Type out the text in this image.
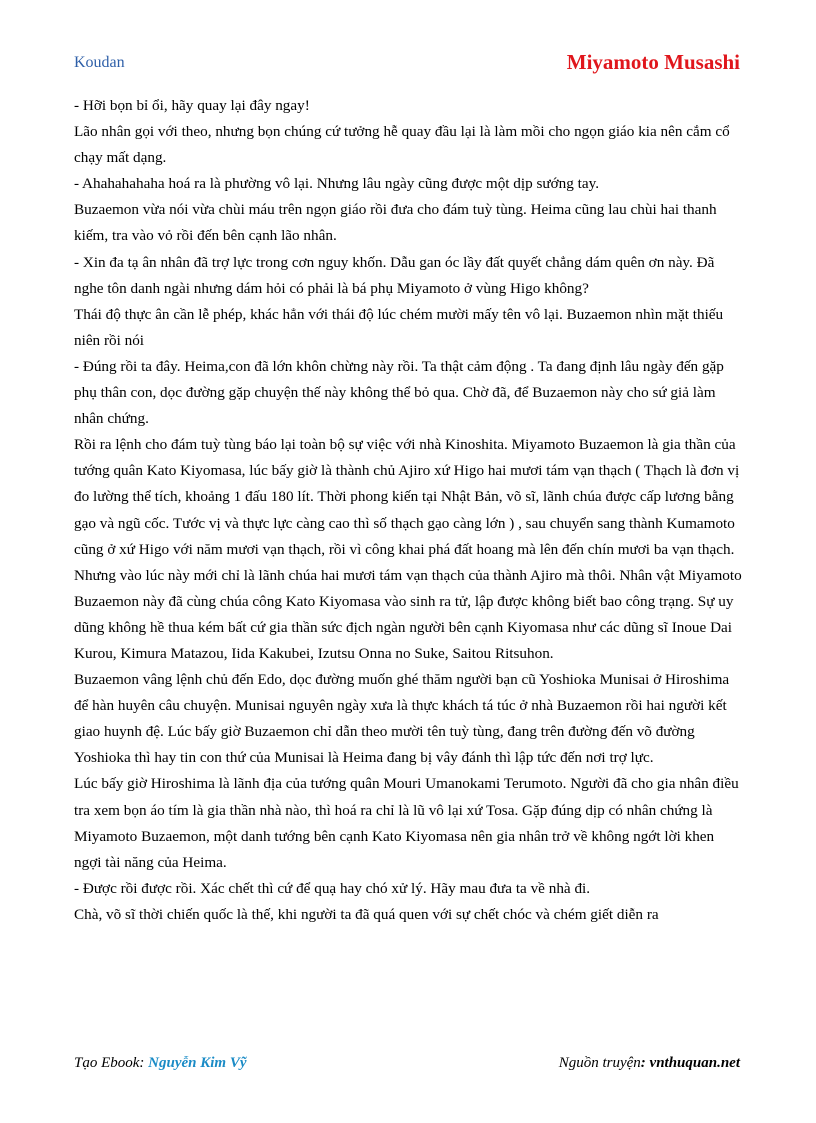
Koudan	Miyamoto Musashi

- Hỡi bọn bỉ ổi, hãy quay lại đây ngay!

Lão nhân gọi với theo, nhưng bọn chúng cứ tưởng hễ quay đầu lại là làm mồi cho ngọn giáo kia nên cắm cổ chạy mất dạng.

- Ahahahahaha hoá ra là phường vô lại. Nhưng lâu ngày cũng được một dịp sướng tay.

Buzaemon vừa nói vừa chùi máu trên ngọn giáo rồi đưa cho đám tuỳ tùng. Heima cũng lau chùi hai thanh kiếm, tra vào vỏ rồi đến bên cạnh lão nhân.

- Xin đa tạ ân nhân đã trợ lực trong cơn nguy khốn. Dẫu gan óc lầy đất quyết chẳng dám quên ơn này. Đã nghe tôn danh ngài nhưng dám hỏi có phải là bá phụ Miyamoto ở vùng Higo không?

Thái độ thực ân cần lễ phép, khác hẳn với thái độ lúc chém mười mấy tên vô lại. Buzaemon nhìn mặt thiếu niên rồi nói

- Đúng rồi ta đây. Heima,con đã lớn khôn chừng này rồi. Ta thật cảm động . Ta đang định lâu ngày đến gặp phụ thân con, dọc đường gặp chuyện thế này không thể bỏ qua. Chờ đã, để Buzaemon này cho sứ giả làm nhân chứng.

Rồi ra lệnh cho đám tuỳ tùng báo lại toàn bộ sự việc với nhà Kinoshita. Miyamoto Buzaemon là gia thần của tướng quân Kato Kiyomasa, lúc bấy giờ là thành chủ Ajiro xứ Higo hai mươi tám vạn thạch ( Thạch là đơn vị đo lường thể tích, khoảng 1 đấu 180 lít. Thời phong kiến tại Nhật Bản, võ sĩ, lãnh chúa được cấp lương bằng gạo và ngũ cốc. Tước vị và thực lực càng cao thì số thạch gạo càng lớn ) , sau chuyển sang thành Kumamoto cũng ở xứ Higo với năm mươi vạn thạch, rồi vì công khai phá đất hoang mà lên đến chín mươi ba vạn thạch. Nhưng vào lúc này mới chỉ là lãnh chúa hai mươi tám vạn thạch của thành Ajiro mà thôi. Nhân vật Miyamoto Buzaemon này đã cùng chúa công Kato Kiyomasa vào sinh ra tử, lập được không biết bao công trạng. Sự uy dũng không hề thua kém bất cứ gia thần sức địch ngàn người bên cạnh Kiyomasa như các dũng sĩ Inoue Dai Kurou, Kimura Matazou, Iida Kakubei, Izutsu Onna no Suke, Saitou Ritsuhon.

Buzaemon vâng lệnh chủ đến Edo, dọc đường muốn ghé thăm người bạn cũ Yoshioka Munisai ở Hiroshima để hàn huyên câu chuyện. Munisai nguyên ngày xưa là thực khách tá túc ở nhà Buzaemon rồi hai người kết giao huynh đệ. Lúc bấy giờ Buzaemon chỉ dẫn theo mười tên tuỳ tùng, đang trên đường đến võ đường Yoshioka thì hay tin con thứ của Munisai là Heima đang bị vây đánh thì lập tức đến nơi trợ lực.

Lúc bấy giờ Hiroshima là lãnh địa của tướng quân Mouri Umanokami Terumoto. Người đã cho gia nhân điều tra xem bọn áo tím là gia thần nhà nào, thì hoá ra chỉ là lũ vô lại xứ Tosa. Gặp đúng dịp có nhân chứng là Miyamoto Buzaemon, một danh tướng bên cạnh Kato Kiyomasa nên gia nhân trở về không ngớt lời khen ngợi tài năng của Heima.

- Được rồi được rồi. Xác chết thì cứ để quạ hay chó xử lý. Hãy mau đưa ta về nhà đi.

Chà, võ sĩ thời chiến quốc là thế, khi người ta đã quá quen với sự chết chóc và chém giết diễn ra

Tạo Ebook: Nguyễn Kim Vỹ	Nguồn truyện: vnthuquan.net
